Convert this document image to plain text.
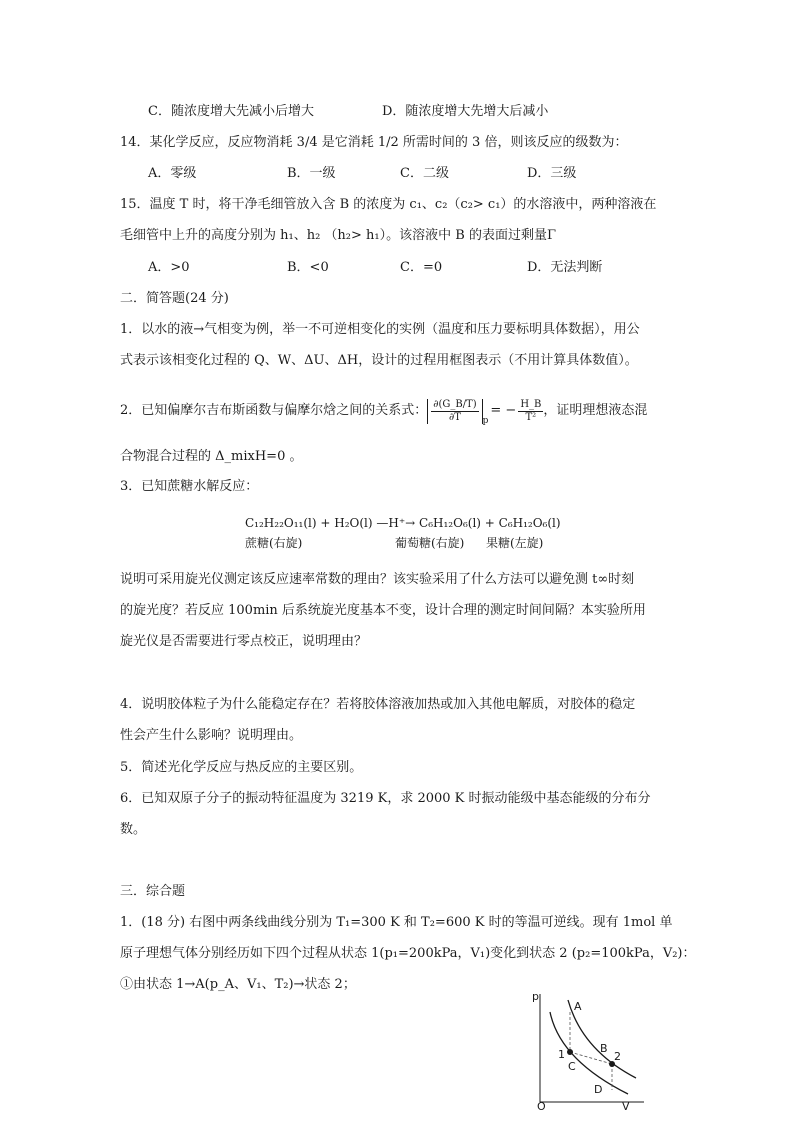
C．随浓度增大先减小后增大	D．随浓度增大先增大后减小
14．某化学反应，反应物消耗 3/4 是它消耗 1/2 所需时间的 3 倍，则该反应的级数为：
A．零级	B．一级	C．二级	D．三级
15．温度 T 时，将干净毛细管放入含 B 的浓度为 c₁、c₂（c₂> c₁）的水溶液中，两种溶液在
毛细管中上升的高度分别为 h₁、h₂ （h₂> h₁）。该溶液中 B 的表面过剩量Γ
A．>0	B．<0	C．=0	D．无法判断
二．简答题(24 分)
1．以水的液→气相变为例，举一不可逆相变化的实例（温度和压力要标明具体数据），用公
式表示该相变化过程的 Q、W、ΔU、ΔH，设计的过程用框图表示（不用计算具体数值）。
2．已知偏摩尔吉布斯函数与偏摩尔焓之间的关系式： $\frac{\partial(G\_B/T)}{\partial T}$ p
= − $\frac{H\_B}{\text{T²}}$ ，证明理想液态混
合物混合过程的 Δ_mixH=0 。
3．已知蔗糖水解反应：
C₁₂H₂₂O₁₁(l) + H₂O(l) —H⁺→ C₆H₁₂O₆(l) + C₆H₁₂O₆(l)
蔗糖(右旋)	葡萄糖(右旋) 果糖(左旋)
说明可采用旋光仪测定该反应速率常数的理由？该实验采用了什么方法可以避免测 t∞时刻
的旋光度？若反应 100min 后系统旋光度基本不变，设计合理的测定时间间隔？本实验所用
旋光仪是否需要进行零点校正，说明理由？
4．说明胶体粒子为什么能稳定存在？若将胶体溶液加热或加入其他电解质，对胶体的稳定
性会产生什么影响？说明理由。
5．简述光化学反应与热反应的主要区别。
6．已知双原子分子的振动特征温度为 3219 K，求 2000 K 时振动能级中基态能级的分布分
数。
三．综合题
1．(18 分) 右图中两条线曲线分别为 T₁=300 K 和 T₂=600 K 时的等温可逆线。现有 1mol 单
原子理想气体分别经历如下四个过程从状态 1(p₁=200kPa，V₁)变化到状态 2 (p₂=100kPa，V₂)：
①由状态 1→A(p_A、V₁、T₂)→状态 2；
p
V
O
A
B
C
D
1	2
